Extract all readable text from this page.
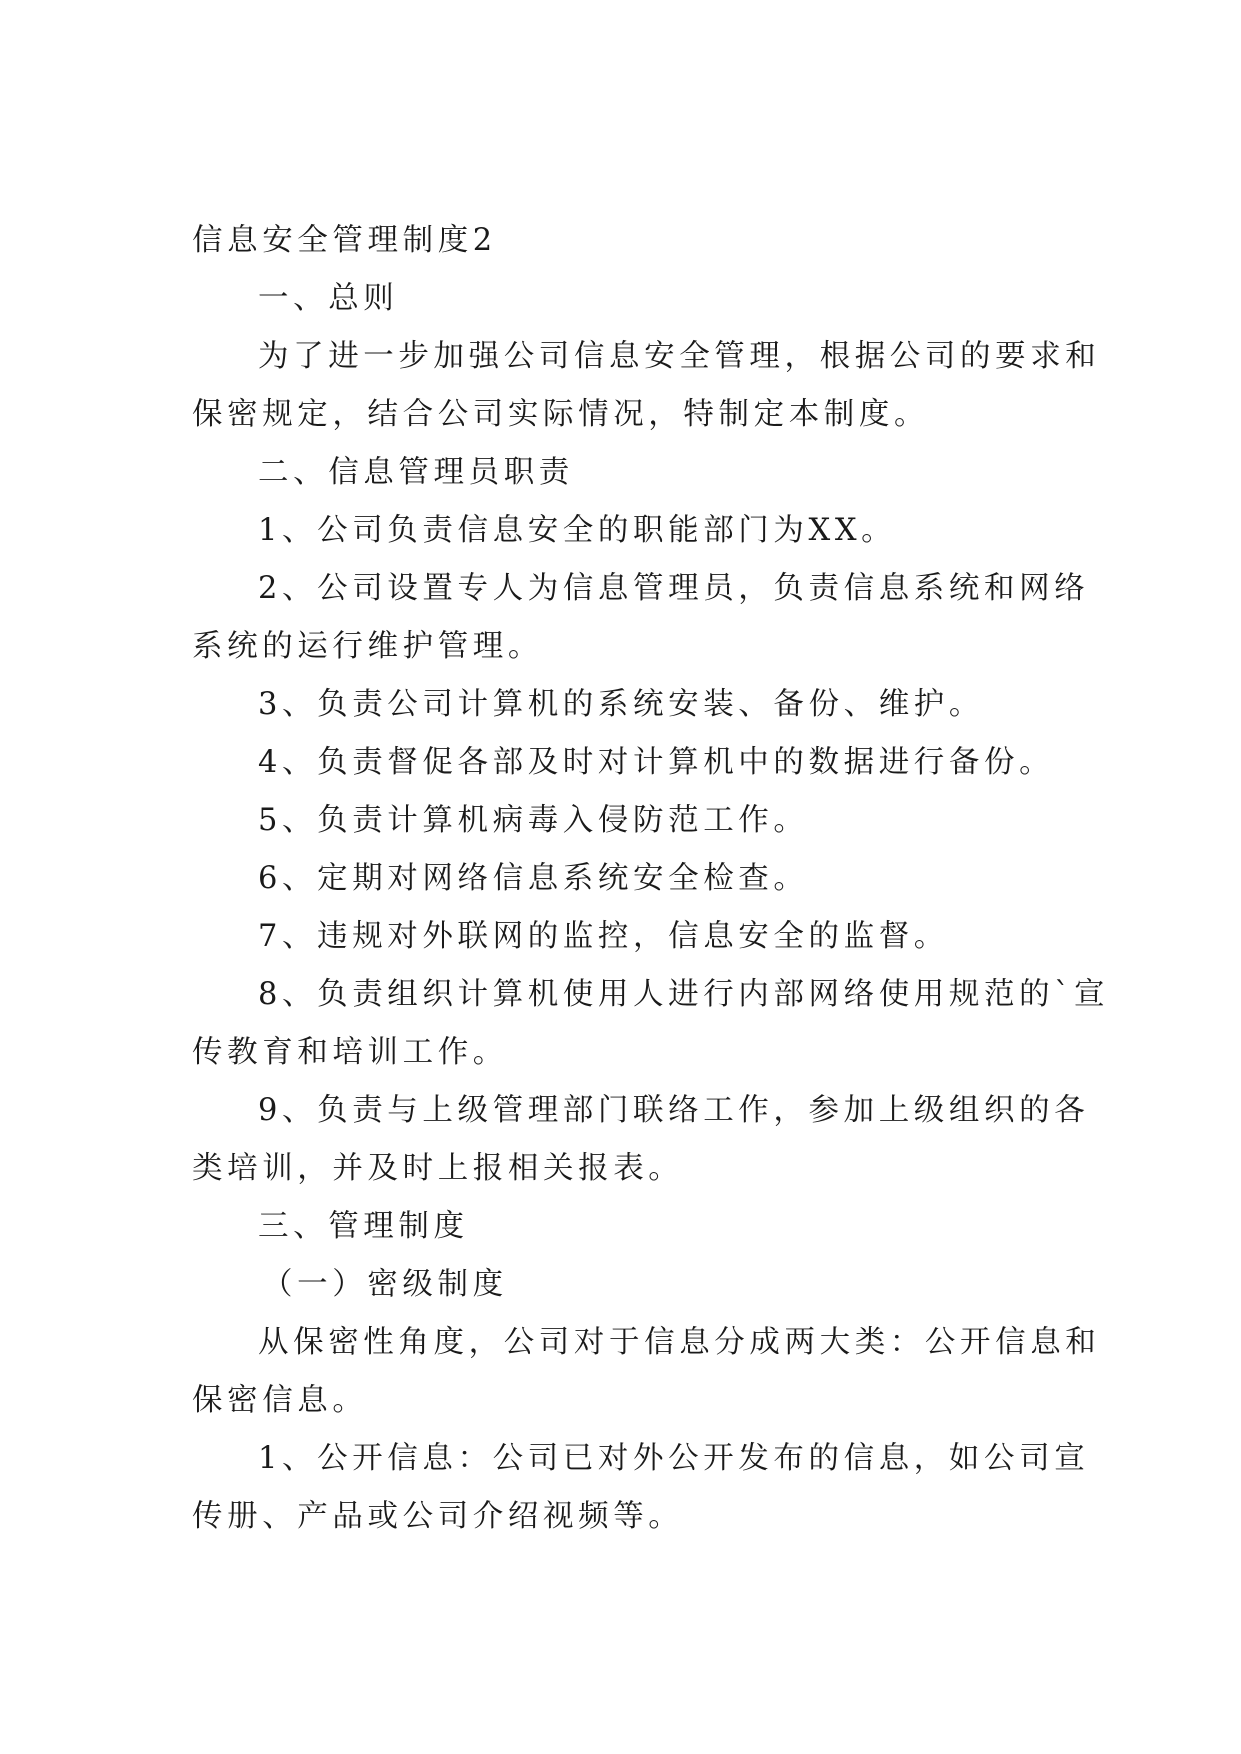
信息安全管理制度2

一、总则

为了进一步加强公司信息安全管理，根据公司的要求和

保密规定，结合公司实际情况，特制定本制度。

二、信息管理员职责

1、公司负责信息安全的职能部门为XX。

2、公司设置专人为信息管理员，负责信息系统和网络

系统的运行维护管理。

3、负责公司计算机的系统安装、备份、维护。

4、负责督促各部及时对计算机中的数据进行备份。

5、负责计算机病毒入侵防范工作。

6、定期对网络信息系统安全检查。

7、违规对外联网的监控，信息安全的监督。

8、负责组织计算机使用人进行内部网络使用规范的`宣

传教育和培训工作。

9、负责与上级管理部门联络工作，参加上级组织的各

类培训，并及时上报相关报表。

三、管理制度

（一）密级制度

从保密性角度，公司对于信息分成两大类：公开信息和

保密信息。

1、公开信息：公司已对外公开发布的信息，如公司宣

传册、产品或公司介绍视频等。
